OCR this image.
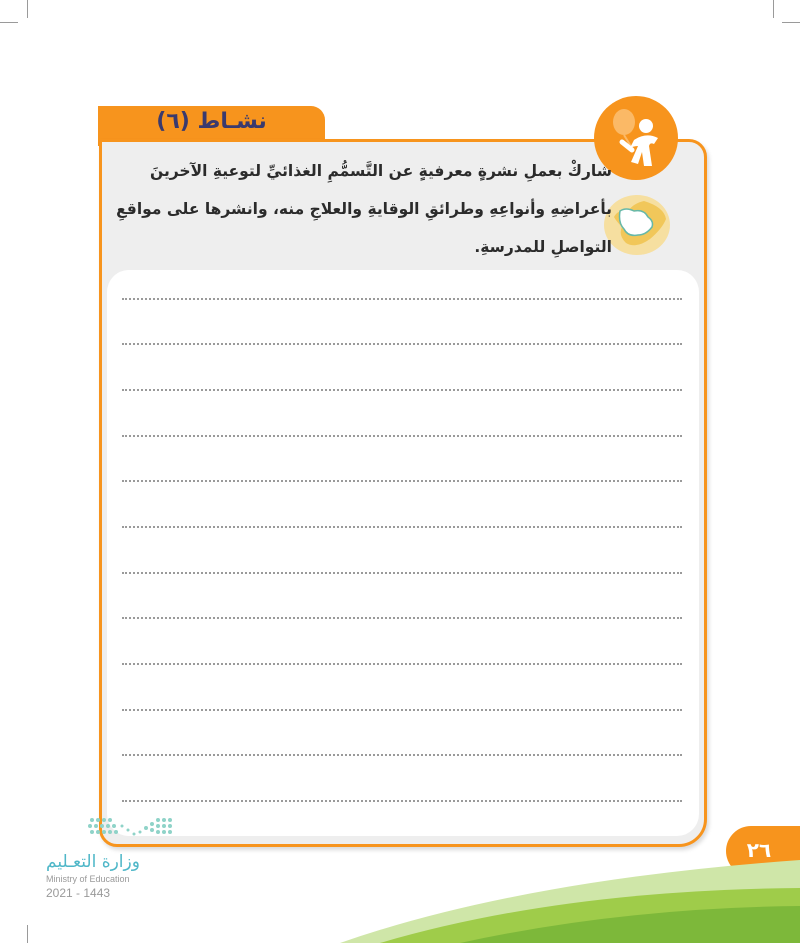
نشـاط (٦)
شاركْ بعملِ نشرةٍ معرفيةٍ عن التَّسمُّمِ الغذائيِّ لتوعيةِ الآخرينَ بأعراضِهِ وأنواعِهِ وطرائقِ الوقايةِ والعلاجِ منه، وانشرها على مواقعِ التواصلِ للمدرسةِ.
٢٦
وزارة التعـليم
Ministry of Education
2021 - 1443
